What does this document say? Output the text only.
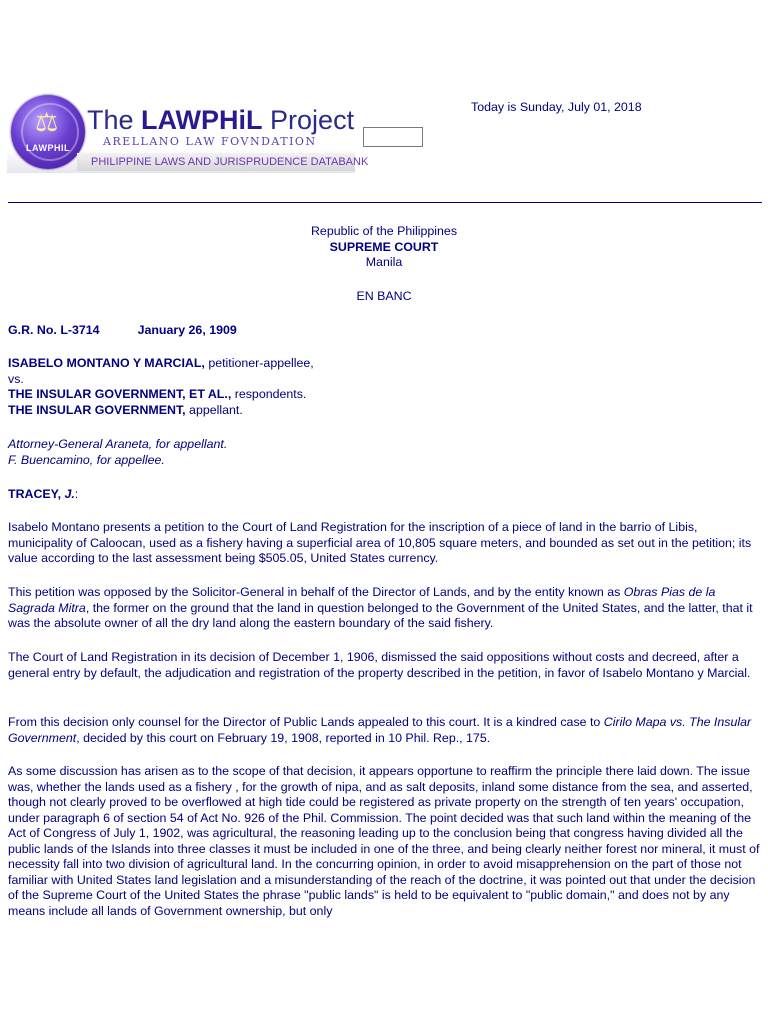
⚖
LAWPHIL
The LAWPHiL Project
ARELLANO LAW FOVNDATION
PHILIPPINE LAWS AND JURISPRUDENCE DATABANK
Today is Sunday, July 01, 2018
Republic of the Philippines
SUPREME COURT
Manila
EN BANC
G.R. No. L-3714	January 26, 1909
ISABELO MONTANO Y MARCIAL, petitioner-appellee,
vs.
THE INSULAR GOVERNMENT, ET AL., respondents.
THE INSULAR GOVERNMENT, appellant.
Attorney-General Araneta, for appellant.
F. Buencamino, for appellee.
TRACEY, J.:
Isabelo Montano presents a petition to the Court of Land Registration for the inscription of a piece of land in the barrio of Libis, municipality of Caloocan, used as a fishery having a superficial area of 10,805 square meters, and bounded as set out in the petition; its value according to the last assessment being $505.05, United States currency.
This petition was opposed by the Solicitor-General in behalf of the Director of Lands, and by the entity known as Obras Pias de la Sagrada Mitra, the former on the ground that the land in question belonged to the Government of the United States, and the latter, that it was the absolute owner of all the dry land along the eastern boundary of the said fishery.
The Court of Land Registration in its decision of December 1, 1906, dismissed the said oppositions without costs and decreed, after a general entry by default, the adjudication and registration of the property described in the petition, in favor of Isabelo Montano y Marcial.
From this decision only counsel for the Director of Public Lands appealed to this court. It is a kindred case to Cirilo Mapa vs. The Insular Government, decided by this court on February 19, 1908, reported in 10 Phil. Rep., 175.
As some discussion has arisen as to the scope of that decision, it appears opportune to reaffirm the principle there laid down. The issue was, whether the lands used as a fishery , for the growth of nipa, and as salt deposits, inland some distance from the sea, and asserted, though not clearly proved to be overflowed at high tide could be registered as private property on the strength of ten years' occupation, under paragraph 6 of section 54 of Act No. 926 of the Phil. Commission. The point decided was that such land within the meaning of the Act of Congress of July 1, 1902, was agricultural, the reasoning leading up to the conclusion being that congress having divided all the public lands of the Islands into three classes it must be included in one of the three, and being clearly neither forest nor mineral, it must of necessity fall into two division of agricultural land. In the concurring opinion, in order to avoid misapprehension on the part of those not familiar with United States land legislation and a misunderstanding of the reach of the doctrine, it was pointed out that under the decision of the Supreme Court of the United States the phrase "public lands" is held to be equivalent to "public domain," and does not by any means include all lands of Government ownership, but only
